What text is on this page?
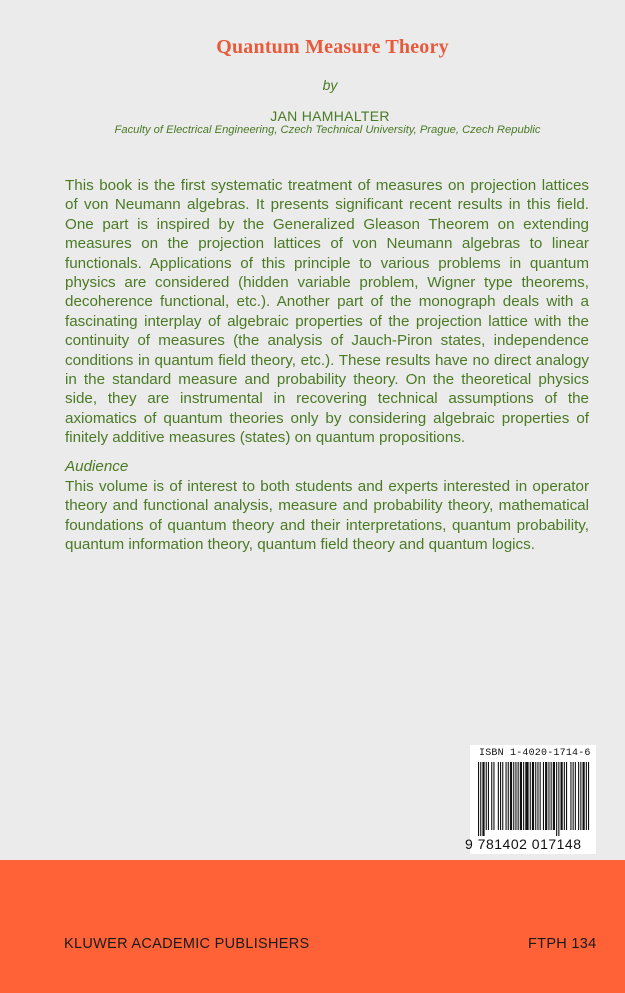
Quantum Measure Theory
by
JAN HAMHALTER
Faculty of Electrical Engineering, Czech Technical University, Prague, Czech Republic

This book is the first systematic treatment of measures on projection lattices of von Neumann algebras. It presents significant recent results in this field. One part is inspired by the Generalized Gleason Theorem on extending measures on the projection lattices of von Neumann algebras to linear functionals. Applications of this principle to various problems in quantum physics are considered (hidden variable problem, Wigner type theorems, decoherence functional, etc.). Another part of the monograph deals with a fascinating interplay of algebraic properties of the projection lattice with the continuity of measures (the analysis of Jauch-Piron states, independence conditions in quantum field theory, etc.). These results have no direct analogy in the standard measure and probability theory. On the theoretical physics side, they are instrumental in recovering technical assumptions of the axiomatics of quantum theories only by considering algebraic properties of finitely additive measures (states) on quantum propositions.

Audience
This volume is of interest to both students and experts interested in operator theory and functional analysis, measure and probability theory, mathematical foundations of quantum theory and their interpretations, quantum probability, quantum information theory, quantum field theory and quantum logics.
ISBN 1-4020-1714-6
9 781402 017148
KLUWER ACADEMIC PUBLISHERS	FTPH 134
